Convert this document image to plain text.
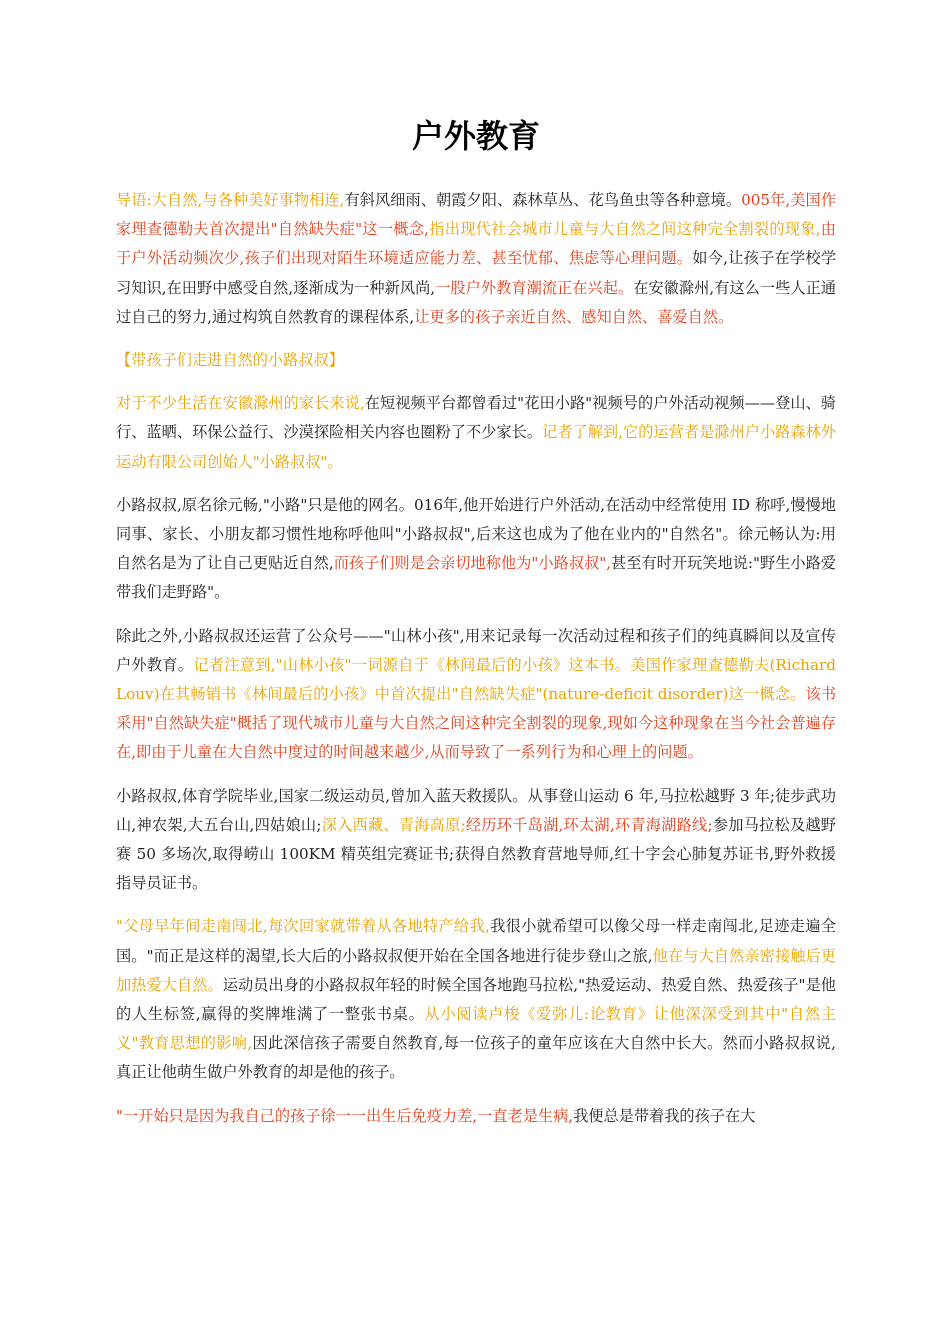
户外教育

导语:大自然,与各种美好事物相连,有斜风细雨、朝霞夕阳、森林草丛、花鸟鱼虫等各种意境。005年,美国作家理查德勒夫首次提出"自然缺失症"这一概念,指出现代社会城市儿童与大自然之间这种完全割裂的现象,由于户外活动频次少,孩子们出现对陌生环境适应能力差、甚至忧郁、焦虑等心理问题。如今,让孩子在学校学习知识,在田野中感受自然,逐渐成为一种新风尚,一股户外教育潮流正在兴起。在安徽滁州,有这么一些人正通过自己的努力,通过构筑自然教育的课程体系,让更多的孩子亲近自然、感知自然、喜爱自然。

【带孩子们走进自然的小路叔叔】

对于不少生活在安徽滁州的家长来说,在短视频平台都曾看过"花田小路"视频号的户外活动视频——登山、骑行、蓝晒、环保公益行、沙漠探险相关内容也圈粉了不少家长。记者了解到,它的运营者是滁州户小路森林外运动有限公司创始人"小路叔叔"。

小路叔叔,原名徐元畅,"小路"只是他的网名。016年,他开始进行户外活动,在活动中经常使用 ID 称呼,慢慢地同事、家长、小朋友都习惯性地称呼他叫"小路叔叔",后来这也成为了他在业内的"自然名"。徐元畅认为:用自然名是为了让自己更贴近自然,而孩子们则是会亲切地称他为"小路叔叔",甚至有时开玩笑地说:"野生小路爱带我们走野路"。

除此之外,小路叔叔还运营了公众号——"山林小孩",用来记录每一次活动过程和孩子们的纯真瞬间以及宣传户外教育。记者注意到,"山林小孩"一词源自于《林间最后的小孩》这本书。美国作家理查德勒夫(Richard Louv)在其畅销书《林间最后的小孩》中首次提出"自然缺失症"(nature-deficit disorder)这一概念。该书采用"自然缺失症"概括了现代城市儿童与大自然之间这种完全割裂的现象,现如今这种现象在当今社会普遍存在,即由于儿童在大自然中度过的时间越来越少,从而导致了一系列行为和心理上的问题。

小路叔叔,体育学院毕业,国家二级运动员,曾加入蓝天救援队。从事登山运动 6 年,马拉松越野 3 年;徒步武功山,神农架,大五台山,四姑娘山;深入西藏、青海高原;经历环千岛湖,环太湖,环青海湖路线;参加马拉松及越野赛 50 多场次,取得崂山 100KM 精英组完赛证书;获得自然教育营地导师,红十字会心肺复苏证书,野外救援指导员证书。

"父母早年间走南闯北,每次回家就带着从各地特产给我,我很小就希望可以像父母一样走南闯北,足迹走遍全国。"而正是这样的渴望,长大后的小路叔叔便开始在全国各地进行徒步登山之旅,他在与大自然亲密接触后更加热爱大自然。运动员出身的小路叔叔年轻的时候全国各地跑马拉松,"热爱运动、热爱自然、热爱孩子"是他的人生标签,赢得的奖牌堆满了一整张书桌。从小阅读卢梭《爱弥儿:论教育》让他深深受到其中"自然主义"教育思想的影响,因此深信孩子需要自然教育,每一位孩子的童年应该在大自然中长大。然而小路叔叔说,真正让他萌生做户外教育的却是他的孩子。

"一开始只是因为我自己的孩子徐一一出生后免疫力差,一直老是生病,我便总是带着我的孩子在大
